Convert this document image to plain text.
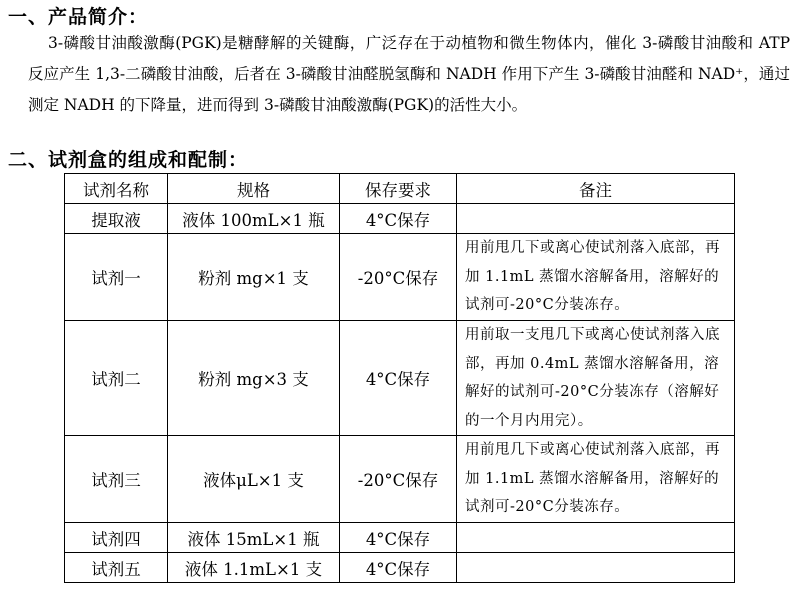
一、产品简介：

3-磷酸甘油酸激酶(PGK)是糖酵解的关键酶，广泛存在于动植物和微生物体内，催化 3-磷酸甘油酸和 ATP 反应产生 1,3-二磷酸甘油酸，后者在 3-磷酸甘油醛脱氢酶和 NADH 作用下产生 3-磷酸甘油醛和 NAD⁺，通过测定 NADH 的下降量，进而得到 3-磷酸甘油酸激酶(PGK)的活性大小。

二、试剂盒的组成和配制：
试剂名称	规格	保存要求	备注
提取液	液体 100mL×1 瓶	4°C保存	
试剂一	粉剂 mg×1 支	-20°C保存	用前甩几下或离心使试剂落入底部，再加 1.1mL 蒸馏水溶解备用，溶解好的试剂可-20°C分装冻存。
试剂二	粉剂 mg×3 支	4°C保存	用前取一支甩几下或离心使试剂落入底部，再加 0.4mL 蒸馏水溶解备用，溶解好的试剂可-20°C分装冻存（溶解好的一个月内用完）。
试剂三	液体μL×1 支	-20°C保存	用前甩几下或离心使试剂落入底部，再加 1.1mL 蒸馏水溶解备用，溶解好的试剂可-20°C分装冻存。
试剂四	液体 15mL×1 瓶	4°C保存	
试剂五	液体 1.1mL×1 支	4°C保存	
